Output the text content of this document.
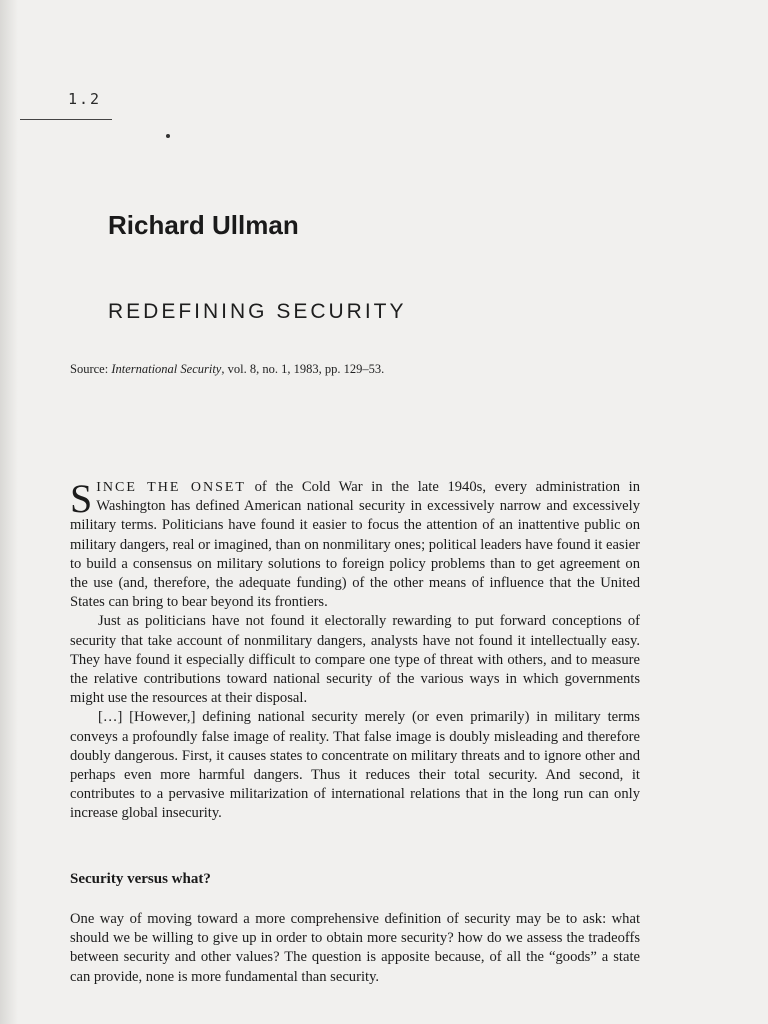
1.2
Richard Ullman
REDEFINING SECURITY
Source: International Security, vol. 8, no. 1, 1983, pp. 129–53.

SINCE THE ONSET of the Cold War in the late 1940s, every administration in Washington has defined American national security in excessively narrow and excessively military terms. Politicians have found it easier to focus the attention of an inattentive public on military dangers, real or imagined, than on nonmilitary ones; political leaders have found it easier to build a consensus on military solutions to foreign policy problems than to get agreement on the use (and, therefore, the adequate funding) of the other means of influence that the United States can bring to bear beyond its frontiers.

Just as politicians have not found it electorally rewarding to put forward conceptions of security that take account of nonmilitary dangers, analysts have not found it intellectually easy. They have found it especially difficult to compare one type of threat with others, and to measure the relative contributions toward national security of the various ways in which governments might use the resources at their disposal.

[…] [However,] defining national security merely (or even primarily) in military terms conveys a profoundly false image of reality. That false image is doubly misleading and therefore doubly dangerous. First, it causes states to concentrate on military threats and to ignore other and perhaps even more harmful dangers. Thus it reduces their total security. And second, it contributes to a pervasive militarization of international relations that in the long run can only increase global insecurity.

Security versus what?

One way of moving toward a more comprehensive definition of security may be to ask: what should we be willing to give up in order to obtain more security? how do we assess the tradeoffs between security and other values? The question is apposite because, of all the “goods” a state can provide, none is more fundamental than security.
